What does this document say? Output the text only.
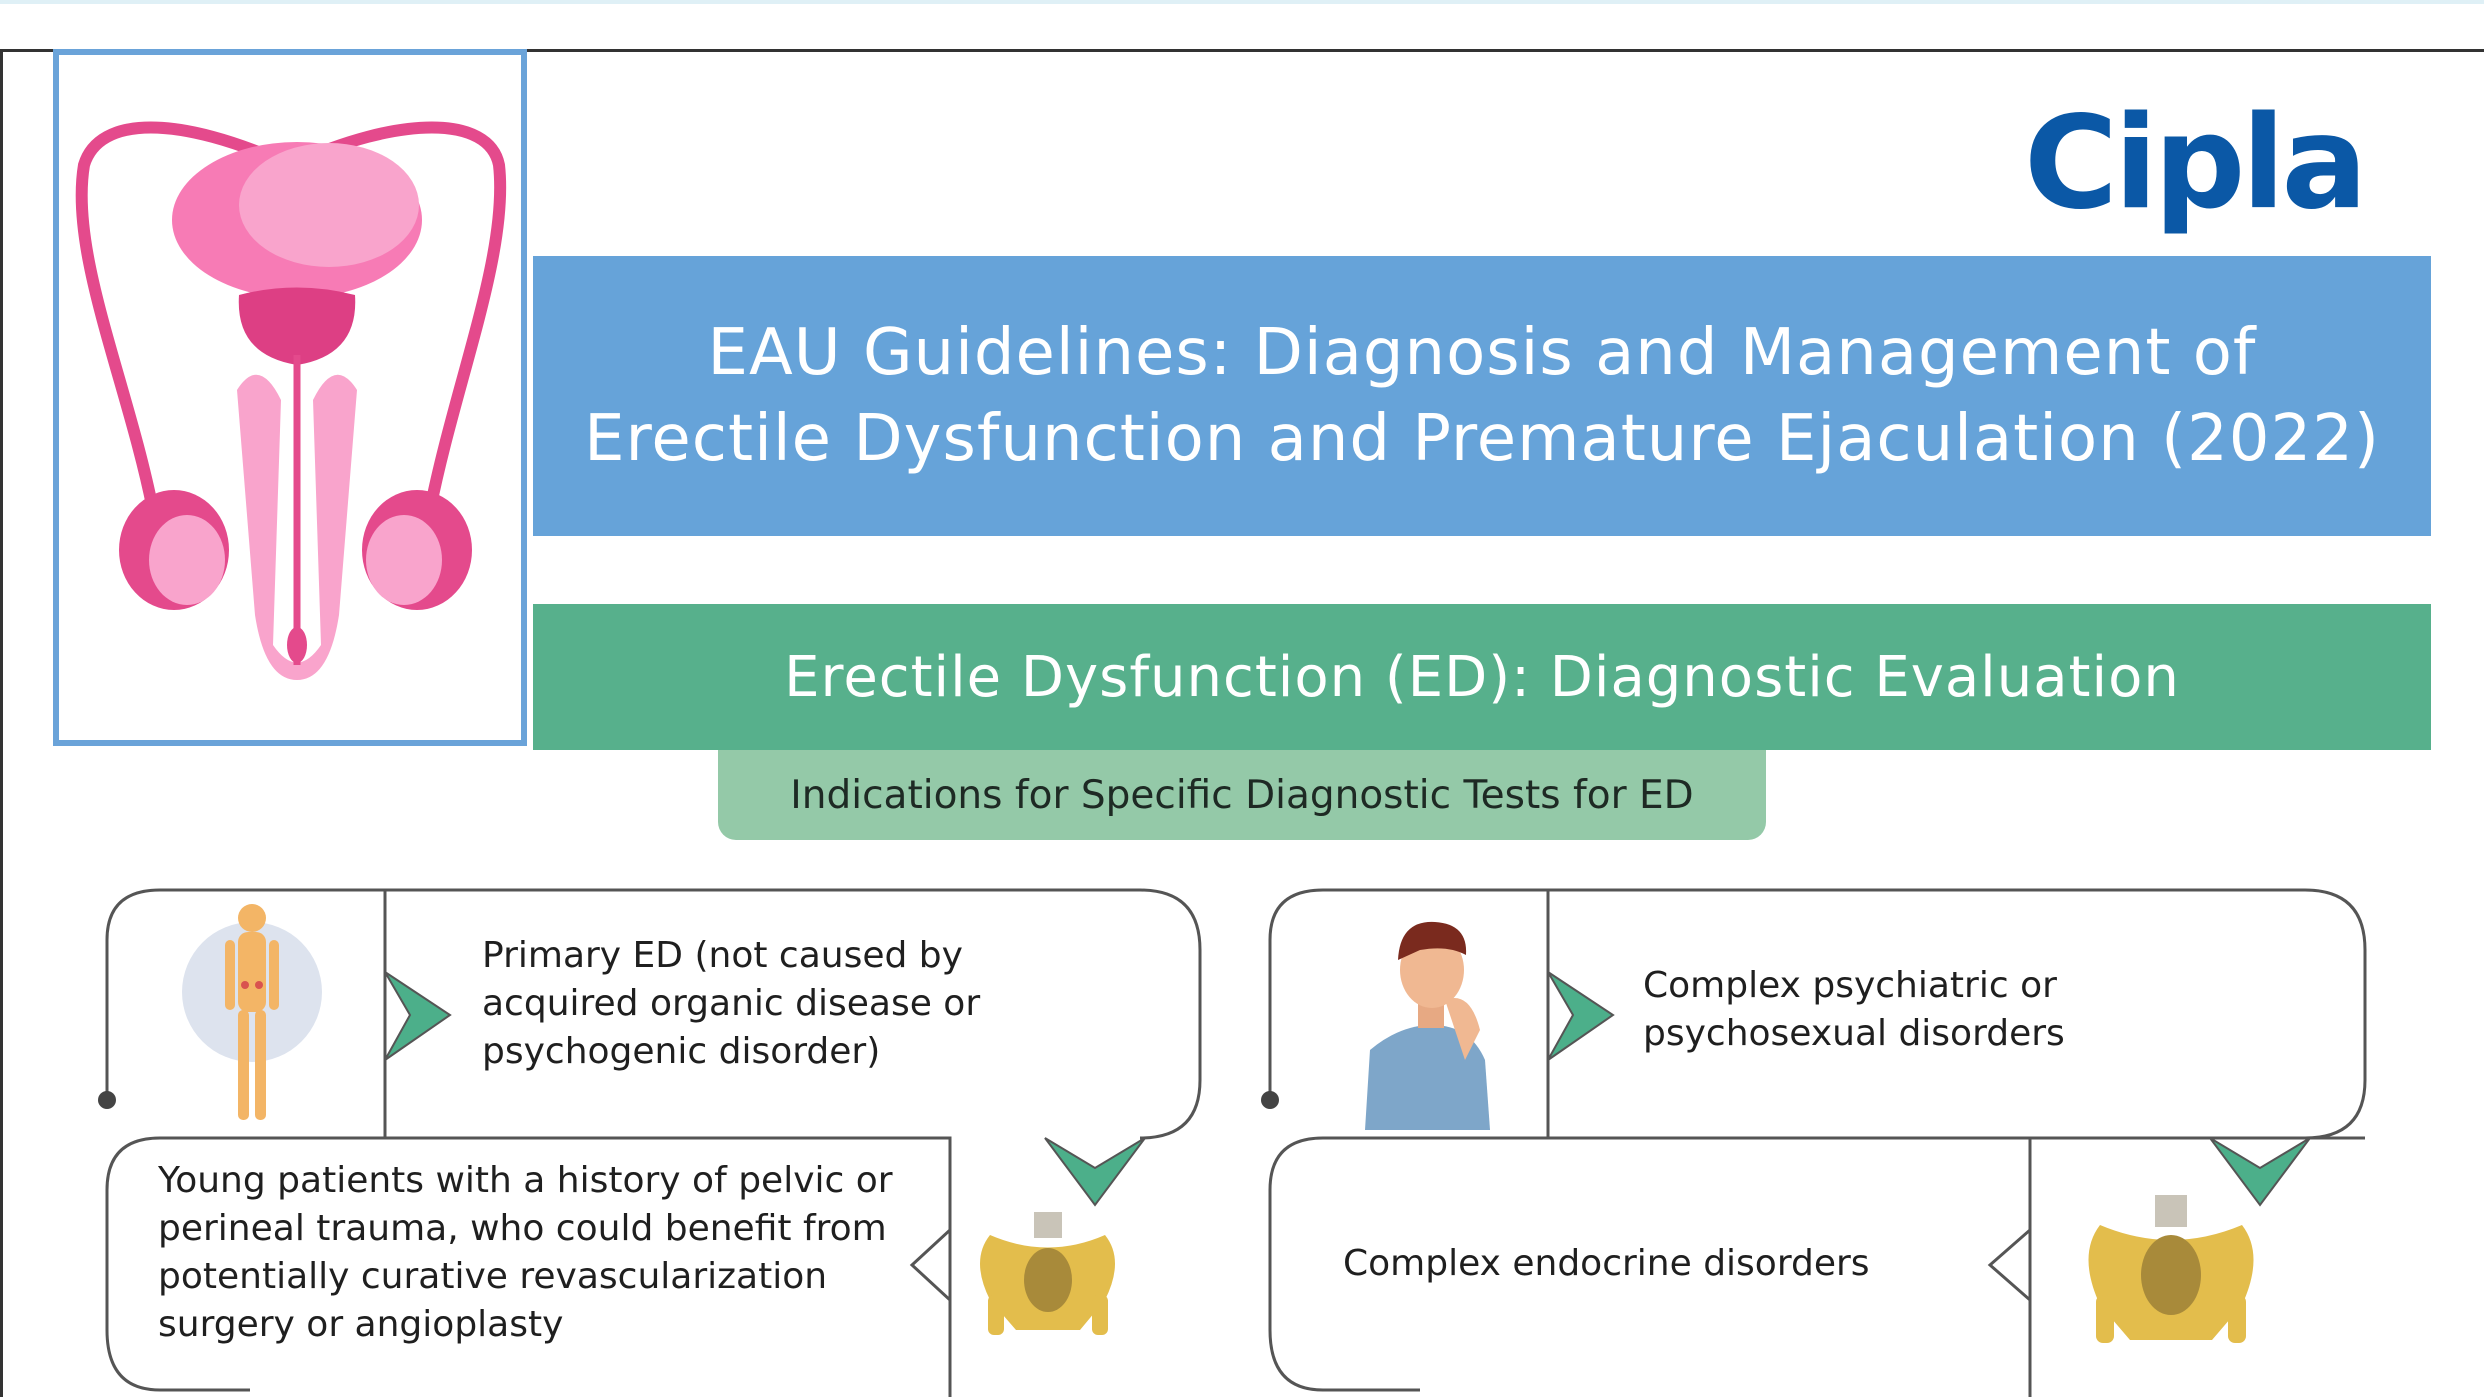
Cipla
EAU Guidelines: Diagnosis and Management of
Erectile Dysfunction and Premature Ejaculation (2022)
Erectile Dysfunction (ED): Diagnostic Evaluation
Indications for Specific Diagnostic Tests for ED
Primary ED (not caused by acquired organic disease or psychogenic disorder)
Complex psychiatric or psychosexual disorders
Young patients with a history of pelvic or perineal trauma, who could benefit from potentially curative revascularization surgery or angioplasty
Complex endocrine disorders
